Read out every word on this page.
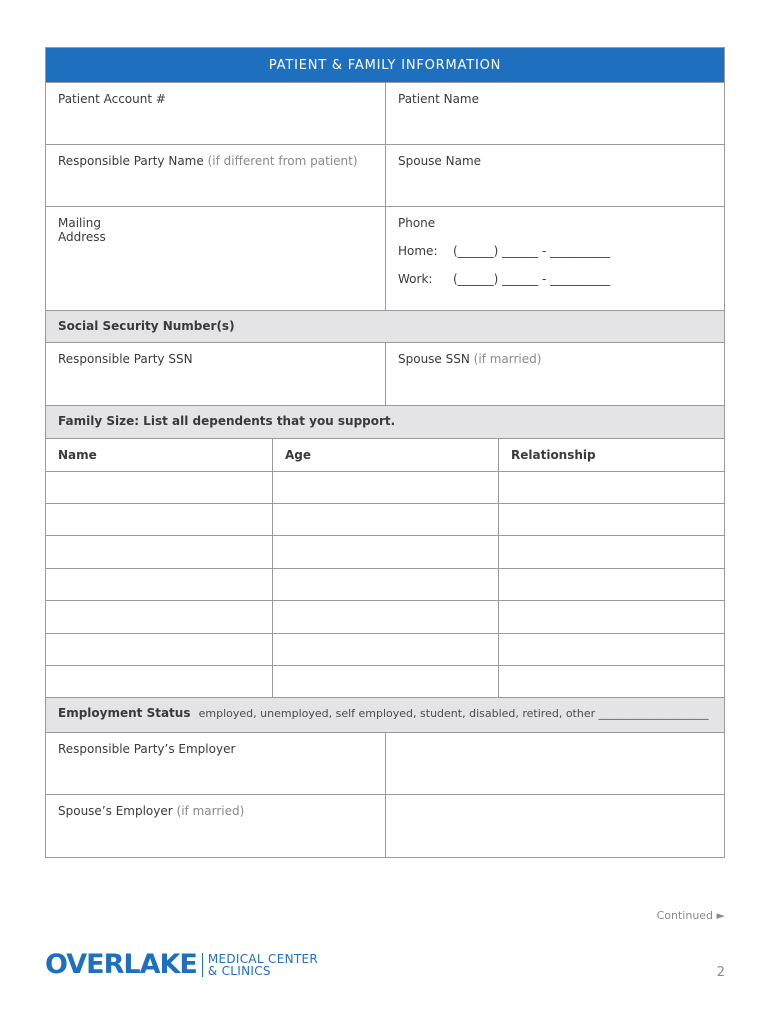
PATIENT & FAMILY INFORMATION
Patient Account #	Patient Name
Responsible Party Name (if different from patient)	Spouse Name
Mailing
Address
Phone
Home:	(______) ______ - __________
Work:	(______) ______ - __________
Social Security Number(s)
Responsible Party SSN	Spouse SSN (if married)
Family Size: List all dependents that you support.
Name	Age	Relationship
Employment Status employed, unemployed, self employed, student, disabled, retired, other ____________________
Responsible Party’s Employer
Spouse’s Employer (if married)
Continued ►
OVERLAKE MEDICAL CENTER
& CLINICS	2
